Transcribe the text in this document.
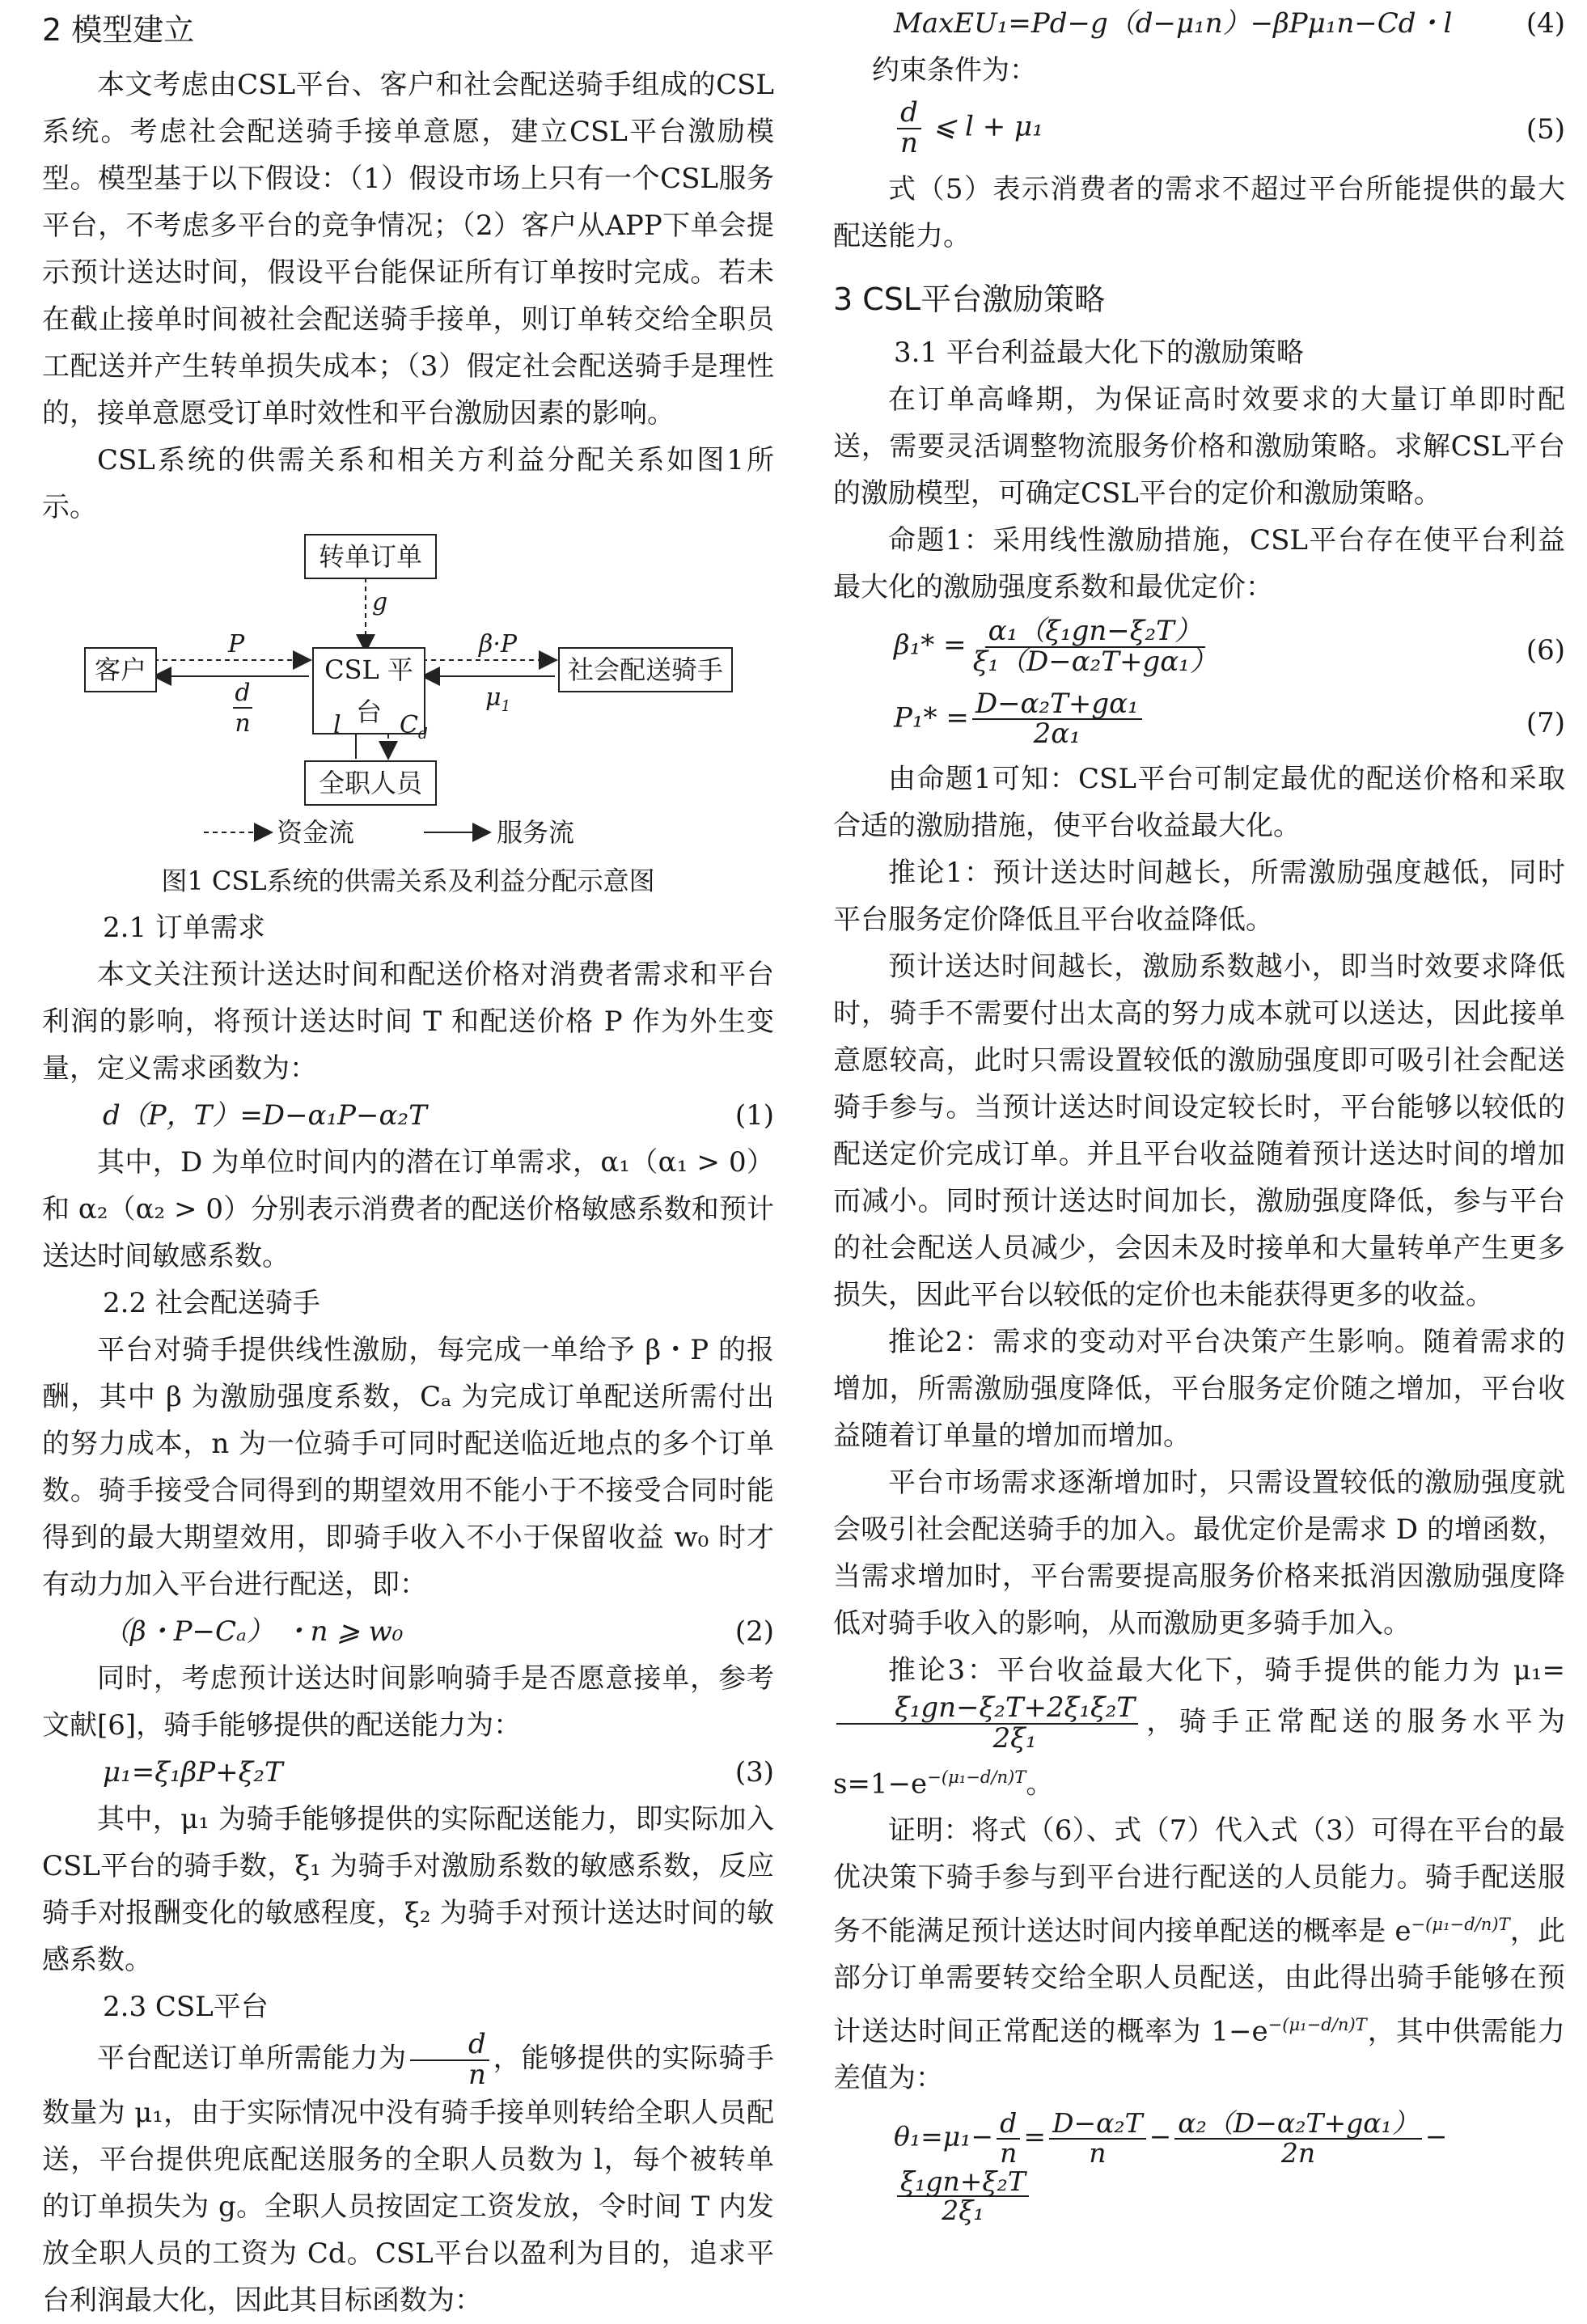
2 模型建立

本文考虑由CSL平台、客户和社会配送骑手组成的CSL系统。考虑社会配送骑手接单意愿，建立CSL平台激励模型。模型基于以下假设：（1）假设市场上只有一个CSL服务平台，不考虑多平台的竞争情况；（2）客户从APP下单会提示预计送达时间，假设平台能保证所有订单按时完成。若未在截止接单时间被社会配送骑手接单，则订单转交给全职员工配送并产生转单损失成本；（3）假定社会配送骑手是理性的，接单意愿受订单时效性和平台激励因素的影响。

CSL系统的供需关系和相关方利益分配关系如图1所示。

转单订单
客户	CSL 平台
社会配送骑手
全职人员
g
P	β·P
d
n
$\mu_1$
l $C_d$
资金流	服务流

图1 CSL系统的供需关系及利益分配示意图

2.1 订单需求

本文关注预计送达时间和配送价格对消费者需求和平台利润的影响，将预计送达时间 T 和配送价格 P 作为外生变量，定义需求函数为：

d（P，T）=D−α₁P−α₂T	(1)

其中，D 为单位时间内的潜在订单需求，α₁（α₁ > 0）和 α₂（α₂ > 0）分别表示消费者的配送价格敏感系数和预计送达时间敏感系数。

2.2 社会配送骑手

平台对骑手提供线性激励，每完成一单给予 β・P 的报酬，其中 β 为激励强度系数，Cₐ 为完成订单配送所需付出的努力成本，n 为一位骑手可同时配送临近地点的多个订单数。骑手接受合同得到的期望效用不能小于不接受合同时能得到的最大期望效用，即骑手收入不小于保留收益 w₀ 时才有动力加入平台进行配送，即：

（β・P−Cₐ） ・n ⩾ w₀	(2)

同时，考虑预计送达时间影响骑手是否愿意接单，参考文献[6]，骑手能够提供的配送能力为：

μ₁=ξ₁βP+ξ₂T	(3)

其中，μ₁ 为骑手能够提供的实际配送能力，即实际加入CSL平台的骑手数，ξ₁ 为骑手对激励系数的敏感系数，反应骑手对报酬变化的敏感程度，ξ₂ 为骑手对预计送达时间的敏感系数。

2.3 CSL平台

平台配送订单所需能力为 $\frac{d}{n}$ ，能够提供的实际骑手数量为 μ₁，由于实际情况中没有骑手接单则转给全职人员配送，平台提供兜底配送服务的全职人员数为 l，每个被转单的订单损失为 g。全职人员按固定工资发放，令时间 T 内发放全职人员的工资为 Cd。CSL平台以盈利为目的，追求平台利润最大化，因此其目标函数为：

MaxEU₁=Pd−g（d−μ₁n）−βPμ₁n−Cd・l	(4)

约束条件为：

$\frac{d}{n}$ ⩽ l + μ₁	(5)

式（5）表示消费者的需求不超过平台所能提供的最大配送能力。

3 CSL平台激励策略

3.1 平台利益最大化下的激励策略

在订单高峰期，为保证高时效要求的大量订单即时配送，需要灵活调整物流服务价格和激励策略。求解CSL平台的激励模型，可确定CSL平台的定价和激励策略。

命题1：采用线性激励措施，CSL平台存在使平台利益最大化的激励强度系数和最优定价：

$\beta_1* = \frac{\text{α₁（ξ₁gn−ξ₂T）}}{\text{ξ₁（D−α₂T+gα₁）}}$	(6)

$P_1* = \frac{\text{D−α₂T+gα₁}}{\text{2α₁}}$	(7)

由命题1可知：CSL平台可制定最优的配送价格和采取合适的激励措施，使平台收益最大化。

推论1：预计送达时间越长，所需激励强度越低，同时平台服务定价降低且平台收益降低。

预计送达时间越长，激励系数越小，即当时效要求降低时，骑手不需要付出太高的努力成本就可以送达，因此接单意愿较高，此时只需设置较低的激励强度即可吸引社会配送骑手参与。当预计送达时间设定较长时，平台能够以较低的配送定价完成订单。并且平台收益随着预计送达时间的增加而减小。同时预计送达时间加长，激励强度降低，参与平台的社会配送人员减少，会因未及时接单和大量转单产生更多损失，因此平台以较低的定价也未能获得更多的收益。

推论2：需求的变动对平台决策产生影响。随着需求的增加，所需激励强度降低，平台服务定价随之增加，平台收益随着订单量的增加而增加。

平台市场需求逐渐增加时，只需设置较低的激励强度就会吸引社会配送骑手的加入。最优定价是需求 D 的增函数，当需求增加时，平台需要提高服务价格来抵消因激励强度降低对骑手收入的影响，从而激励更多骑手加入。

推论3：平台收益最大化下，骑手提供的能力为 μ₁=
$\frac{\text{ξ₁gn−ξ₂T+2ξ₁ξ₂T}}{\text{2ξ₁}}$ ，骑手正常配送的服务水平为 $s=1-e^{-(\mu_1-d/n)T}$。

证明：将式（6）、式（7）代入式（3）可得在平台的最优决策下骑手参与到平台进行配送的人员能力。骑手配送服务不能满足预计送达时间内接单配送的概率是 $e^{-(\mu_1-d/n)T}$，此部分订单需要转交给全职人员配送，由此得出骑手能够在预计送达时间正常配送的概率为 $1-e^{-(\mu_1-d/n)T}$，其中供需能力差值为：

$\theta_1=\mu_1- \frac{d}{n} = \frac{\text{D−α₂T}}{n} - \frac{\text{α₂（D−α₂T+gα₁）}}{2n}$ −
$\frac{\text{ξ₁gn+ξ₂T}}{\text{2ξ₁}}$
